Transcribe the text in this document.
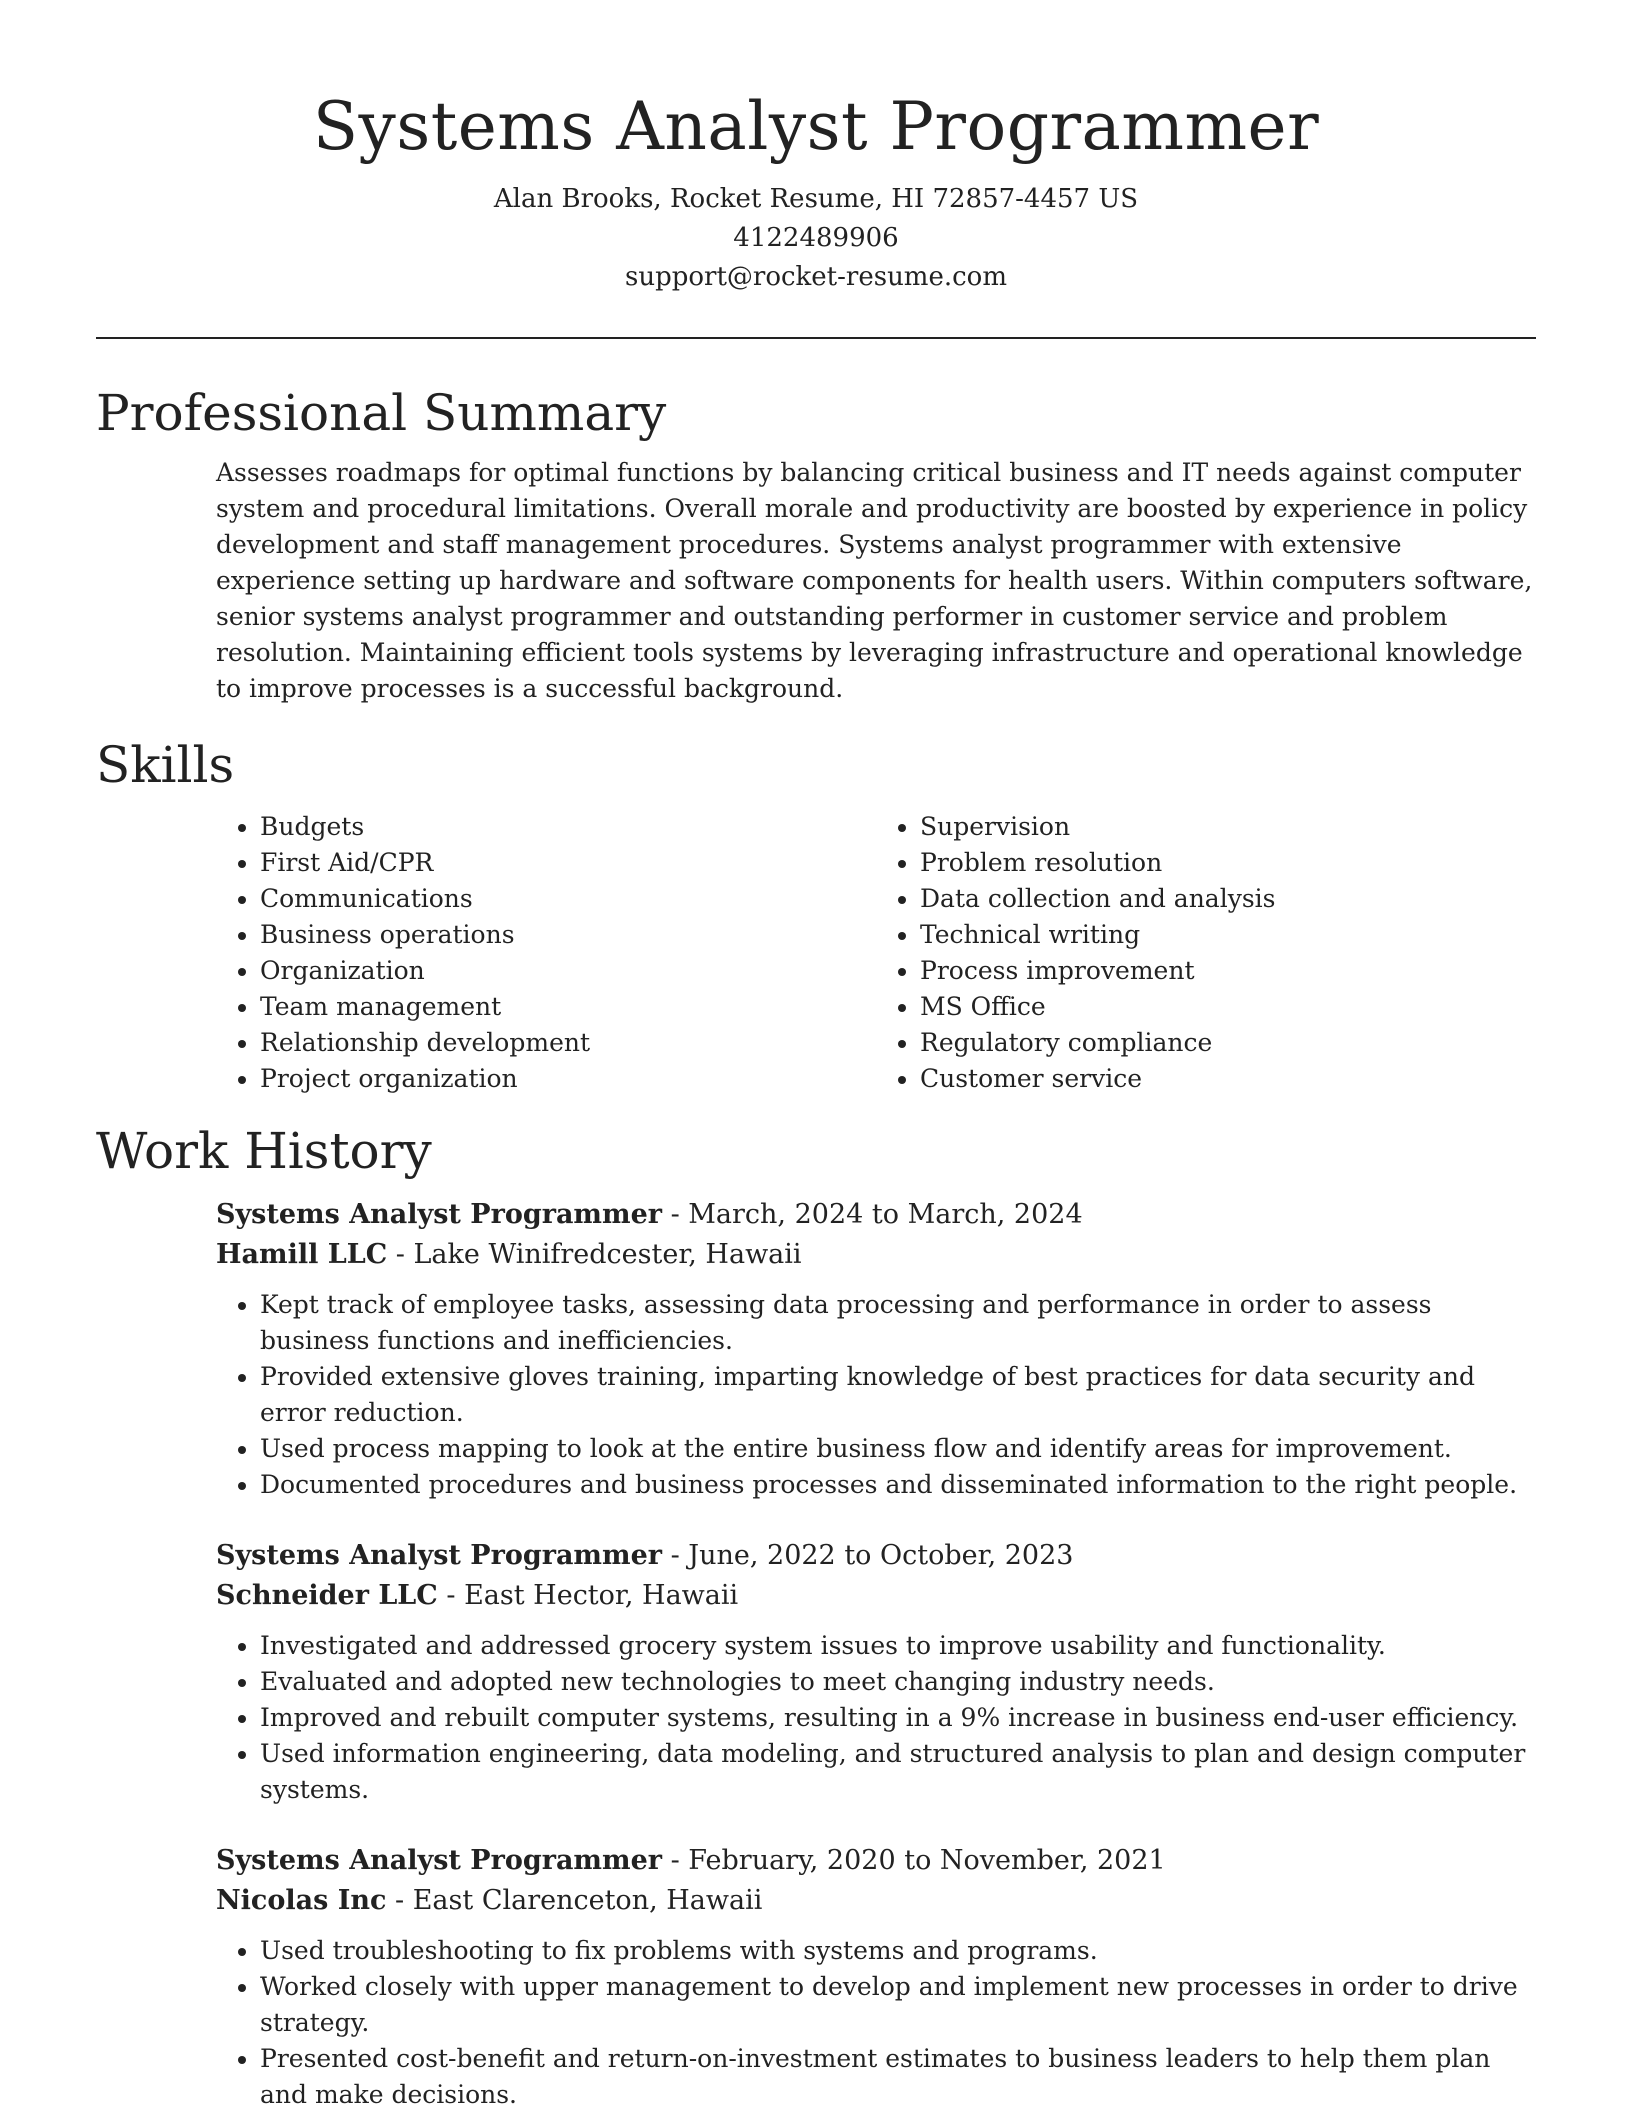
Systems Analyst Programmer

Alan Brooks, Rocket Resume, HI 72857-4457 US

4122489906

support@rocket-resume.com

Professional Summary

Assesses roadmaps for optimal functions by balancing critical business and IT needs against computer system and procedural limitations. Overall morale and productivity are boosted by experience in policy development and staff management procedures. Systems analyst programmer with extensive experience setting up hardware and software components for health users. Within computers software, senior systems analyst programmer and outstanding performer in customer service and problem resolution. Maintaining efficient tools systems by leveraging infrastructure and operational knowledge to improve processes is a successful background.

Skills
• Budgets
• First Aid/CPR
• Communications
• Business operations
• Organization
• Team management
• Relationship development
• Project organization
• Supervision
• Problem resolution
• Data collection and analysis
• Technical writing
• Process improvement
• MS Office
• Regulatory compliance
• Customer service
Work History

Systems Analyst Programmer - March, 2024 to March, 2024

Hamill LLC - Lake Winifredcester, Hawaii

• Kept track of employee tasks, assessing data processing and performance in order to assess business functions and inefficiencies.
• Provided extensive gloves training, imparting knowledge of best practices for data security and error reduction.
• Used process mapping to look at the entire business flow and identify areas for improvement.
• Documented procedures and business processes and disseminated information to the right people.

Systems Analyst Programmer - June, 2022 to October, 2023

Schneider LLC - East Hector, Hawaii

• Investigated and addressed grocery system issues to improve usability and functionality.
• Evaluated and adopted new technologies to meet changing industry needs.
• Improved and rebuilt computer systems, resulting in a 9% increase in business end-user efficiency.
• Used information engineering, data modeling, and structured analysis to plan and design computer systems.

Systems Analyst Programmer - February, 2020 to November, 2021

Nicolas Inc - East Clarenceton, Hawaii

• Used troubleshooting to fix problems with systems and programs.
• Worked closely with upper management to develop and implement new processes in order to drive strategy.
• Presented cost-benefit and return-on-investment estimates to business leaders to help them plan and make decisions.
